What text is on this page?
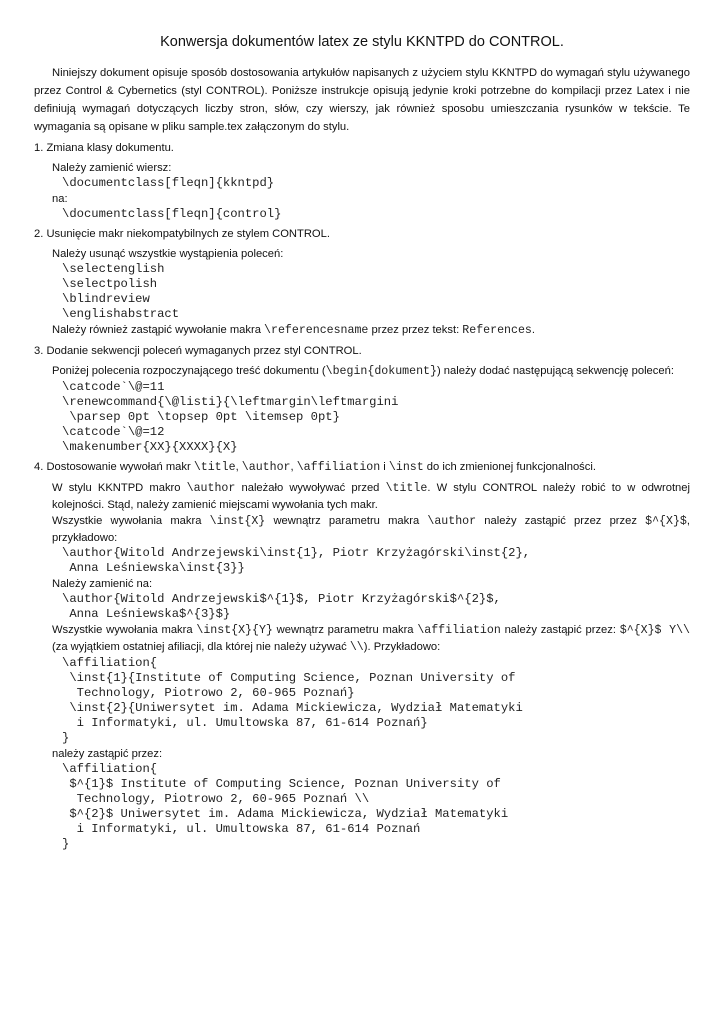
Konwersja dokumentów latex ze stylu KKNTPD do CONTROL.

Niniejszy dokument opisuje sposób dostosowania artykułów napisanych z użyciem stylu KKNTPD do wymagań stylu używanego przez Control & Cybernetics (styl CONTROL). Poniższe instrukcje opisują jedynie kroki potrzebne do kompilacji przez Latex i nie definiują wymagań dotyczących liczby stron, słów, czy wierszy, jak również sposobu umieszczania rysunków w tekście. Te wymagania są opisane w pliku sample.tex załączonym do stylu.

1. Zmiana klasy dokumentu.

Należy zamienić wiersz:

\documentclass[fleqn]{kkntpd}

na:

\documentclass[fleqn]{control}
2. Usunięcie makr niekompatybilnych ze stylem CONTROL.

Należy usunąć wszystkie wystąpienia poleceń:

\selectenglish
\selectpolish
\blindreview
\englishabstract

Należy również zastąpić wywołanie makra \referencesname przez przez tekst: References.

3. Dodanie sekwencji poleceń wymaganych przez styl CONTROL.

Poniżej polecenia rozpoczynającego treść dokumentu (\begin{dokument}) należy dodać następującą sekwencję poleceń:

\catcode`\@=11
\renewcommand{\@listi}{\leftmargin\leftmargini
\parsep 0pt \topsep 0pt \itemsep 0pt}
\catcode`\@=12
\makenumber{XX}{XXXX}{X}
4. Dostosowanie wywołań makr \title, \author, \affiliation i \inst do ich zmienionej funkcjonalności.

W stylu KKNTPD makro \author należało wywoływać przed \title. W stylu CONTROL należy robić to w odwrotnej kolejności. Stąd, należy zamienić miejscami wywołania tych makr.

Wszystkie wywołania makra \inst{X} wewnątrz parametru makra \author należy zastąpić przez przez $^{X}$, przykładowo:

\author{Witold Andrzejewski\inst{1}, Piotr Krzyżagórski\inst{2},
Anna Leśniewska\inst{3}}

Należy zamienić na:

\author{Witold Andrzejewski$^{1}$, Piotr Krzyżagórski$^{2}$,
Anna Leśniewska$^{3}$}

Wszystkie wywołania makra \inst{X}{Y} wewnątrz parametru makra \affiliation należy zastąpić przez: $^{X}$ Y\\ (za wyjątkiem ostatniej afiliacji, dla której nie należy używać \\). Przykładowo:

\affiliation{
\inst{1}{Institute of Computing Science, Poznan University of
Technology, Piotrowo 2, 60-965 Poznań}
\inst{2}{Uniwersytet im. Adama Mickiewicza, Wydział Matematyki
i Informatyki, ul. Umultowska 87, 61-614 Poznań}
}

należy zastąpić przez:

\affiliation{
$^{1}$ Institute of Computing Science, Poznan University of
Technology, Piotrowo 2, 60-965 Poznań \\
$^{2}$ Uniwersytet im. Adama Mickiewicza, Wydział Matematyki
i Informatyki, ul. Umultowska 87, 61-614 Poznań
}
